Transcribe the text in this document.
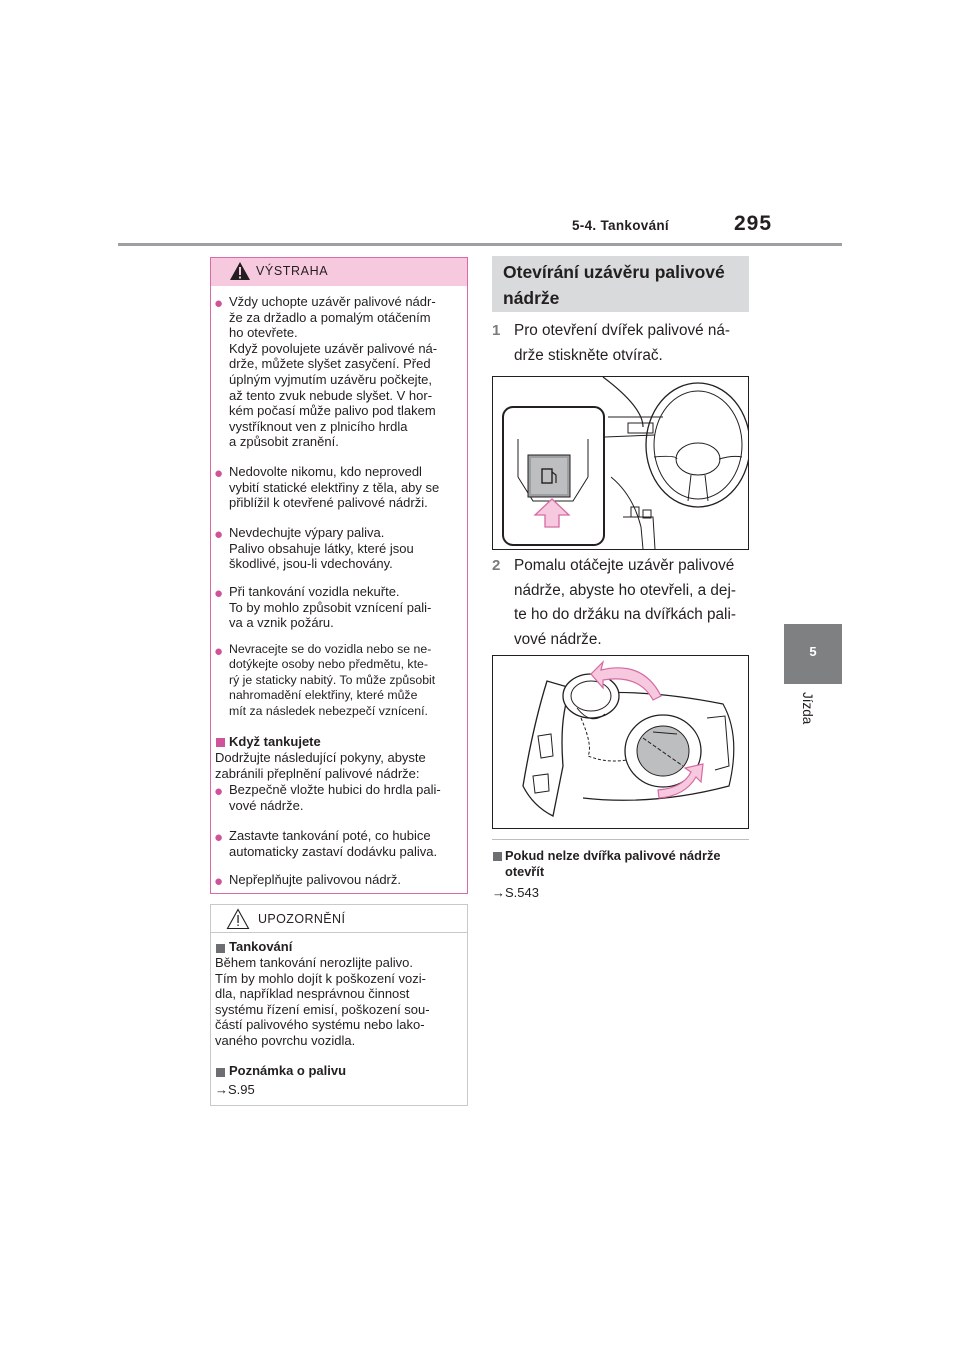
5-4. Tankování	295
5
Jízda
VÝSTRAHA
● Vždy uchopte uzávěr palivové nádr-
že za držadlo a pomalým otáčením
ho otevřete.
Když povolujete uzávěr palivové ná-
drže, můžete slyšet zasyčení. Před
úplným vyjmutím uzávěru počkejte,
až tento zvuk nebude slyšet. V hor-
kém počasí může palivo pod tlakem
vystříknout ven z plnicího hrdla
a způsobit zranění.
● Nedovolte nikomu, kdo neprovedl
vybití statické elektřiny z těla, aby se
přiblížil k otevřené palivové nádrži.
● Nevdechujte výpary paliva.
Palivo obsahuje látky, které jsou
škodlivé, jsou-li vdechovány.
● Při tankování vozidla nekuřte.
To by mohlo způsobit vznícení pali-
va a vznik požáru.
● Nevracejte se do vozidla nebo se ne-
dotýkejte osoby nebo předmětu, kte-
rý je staticky nabitý. To může způsobit
nahromadění elektřiny, které může
mít za následek nebezpečí vznícení.
Když tankujete
Dodržujte následující pokyny, abyste
zabránili přeplnění palivové nádrže:
● Bezpečně vložte hubici do hrdla pali-
vové nádrže.
● Zastavte tankování poté, co hubice
automaticky zastaví dodávku paliva.
● Nepřeplňujte palivovou nádrž.
UPOZORNĚNÍ
Tankování
Během tankování nerozlijte palivo.
Tím by mohlo dojít k poškození vozi-
dla, například nesprávnou činnost
systému řízení emisí, poškození sou-
částí palivového systému nebo lako-
vaného povrchu vozidla.
Poznámka o palivu
→S.95
Otevírání uzávěru palivové
nádrže
1 Pro otevření dvířek palivové ná-
drže stiskněte otvírač.
2 Pomalu otáčejte uzávěr palivové
nádrže, abyste ho otevřeli, a dej-
te ho do držáku na dvířkách pali-
vové nádrže.
Pokud nelze dvířka palivové nádrže
otevřít
→S.543
